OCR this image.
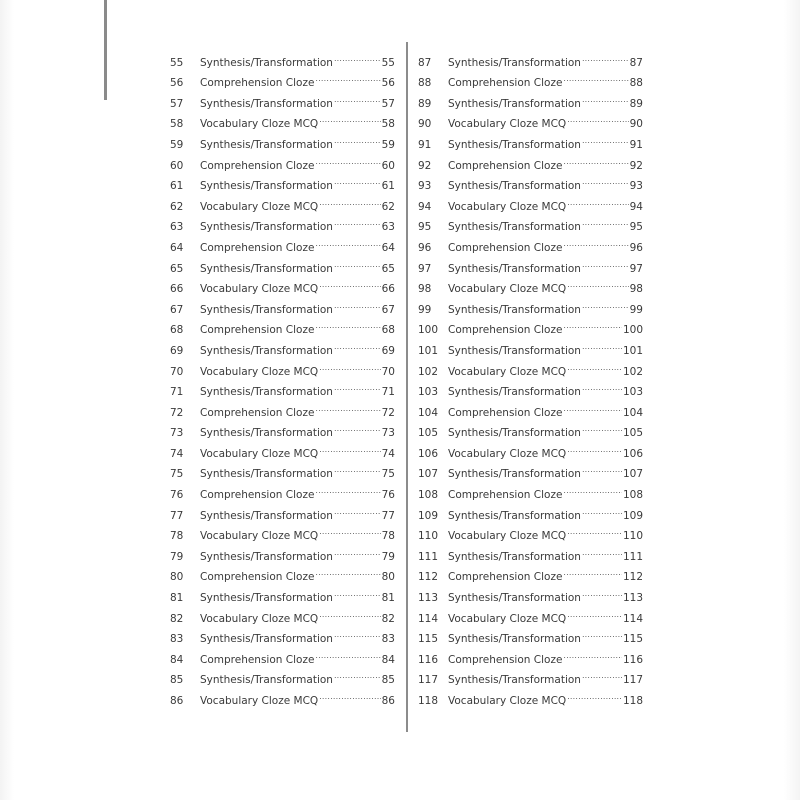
55	Synthesis/Transformation .....	55
56	Comprehension Cloze .....	56
57	Synthesis/Transformation .....	57
58	Vocabulary Cloze MCQ .....	58
59	Synthesis/Transformation .....	59
60	Comprehension Cloze .....	60
61	Synthesis/Transformation .....	61
62	Vocabulary Cloze MCQ .....	62
63	Synthesis/Transformation .....	63
64	Comprehension Cloze .....	64
65	Synthesis/Transformation .....	65
66	Vocabulary Cloze MCQ .....	66
67	Synthesis/Transformation .....	67
68	Comprehension Cloze .....	68
69	Synthesis/Transformation .....	69
70	Vocabulary Cloze MCQ .....	70
71	Synthesis/Transformation .....	71
72	Comprehension Cloze .....	72
73	Synthesis/Transformation .....	73
74	Vocabulary Cloze MCQ .....	74
75	Synthesis/Transformation .....	75
76	Comprehension Cloze .....	76
77	Synthesis/Transformation .....	77
78	Vocabulary Cloze MCQ .....	78
79	Synthesis/Transformation .....	79
80	Comprehension Cloze .....	80
81	Synthesis/Transformation .....	81
82	Vocabulary Cloze MCQ .....	82
83	Synthesis/Transformation .....	83
84	Comprehension Cloze .....	84
85	Synthesis/Transformation .....	85
86	Vocabulary Cloze MCQ .....	86
87	Synthesis/Transformation .....	87
88	Comprehension Cloze .....	88
89	Synthesis/Transformation .....	89
90	Vocabulary Cloze MCQ .....	90
91	Synthesis/Transformation .....	91
92	Comprehension Cloze .....	92
93	Synthesis/Transformation .....	93
94	Vocabulary Cloze MCQ .....	94
95	Synthesis/Transformation .....	95
96	Comprehension Cloze .....	96
97	Synthesis/Transformation .....	97
98	Vocabulary Cloze MCQ .....	98
99	Synthesis/Transformation .....	99
100 Comprehension Cloze .....	100
101 Synthesis/Transformation .....	101
102 Vocabulary Cloze MCQ .....	102
103 Synthesis/Transformation .....	103
104 Comprehension Cloze .....	104
105 Synthesis/Transformation .....	105
106 Vocabulary Cloze MCQ .....	106
107 Synthesis/Transformation .....	107
108 Comprehension Cloze .....	108
109 Synthesis/Transformation .....	109
110 Vocabulary Cloze MCQ .....	110
111 Synthesis/Transformation .....	111
112 Comprehension Cloze .....	112
113 Synthesis/Transformation .....	113
114 Vocabulary Cloze MCQ .....	114
115 Synthesis/Transformation .....	115
116 Comprehension Cloze .....	116
117 Synthesis/Transformation .....	117
118 Vocabulary Cloze MCQ .....	118
